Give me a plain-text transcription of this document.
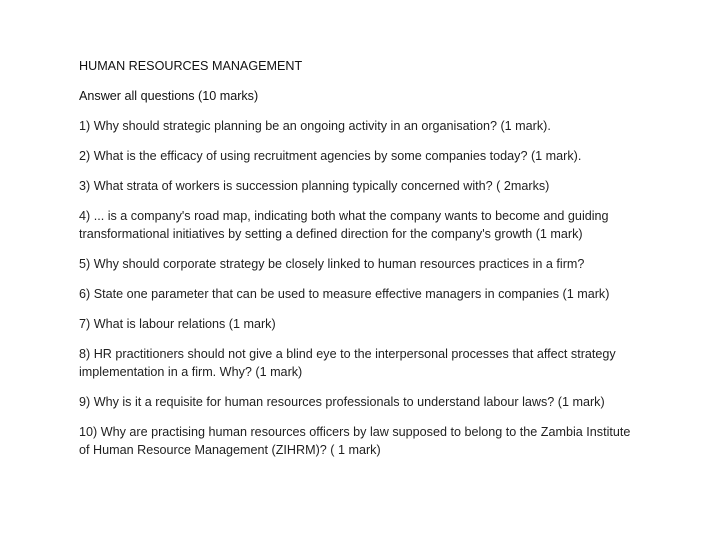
HUMAN RESOURCES MANAGEMENT
Answer all questions (10 marks)
1) Why should strategic planning be an ongoing activity in an organisation? (1 mark).
2) What is the efficacy of using recruitment agencies by some companies today? (1 mark).
3) What strata of workers is succession planning typically concerned with? ( 2marks)
4) ... is a company's road map, indicating both what the company wants to become and guiding transformational initiatives by setting a defined direction for the company's growth (1 mark)
5) Why should corporate strategy be closely linked to human resources practices in a firm?
6) State one parameter that can be used to measure effective managers in companies (1 mark)
7) What is labour relations (1 mark)
8) HR practitioners should not give a blind eye to the interpersonal processes that affect strategy implementation in a firm. Why? (1 mark)
9) Why is it a requisite for human resources professionals to understand labour laws? (1 mark)
10) Why are practising human resources officers by law supposed to belong to the Zambia Institute of Human Resource Management (ZIHRM)? ( 1 mark)
